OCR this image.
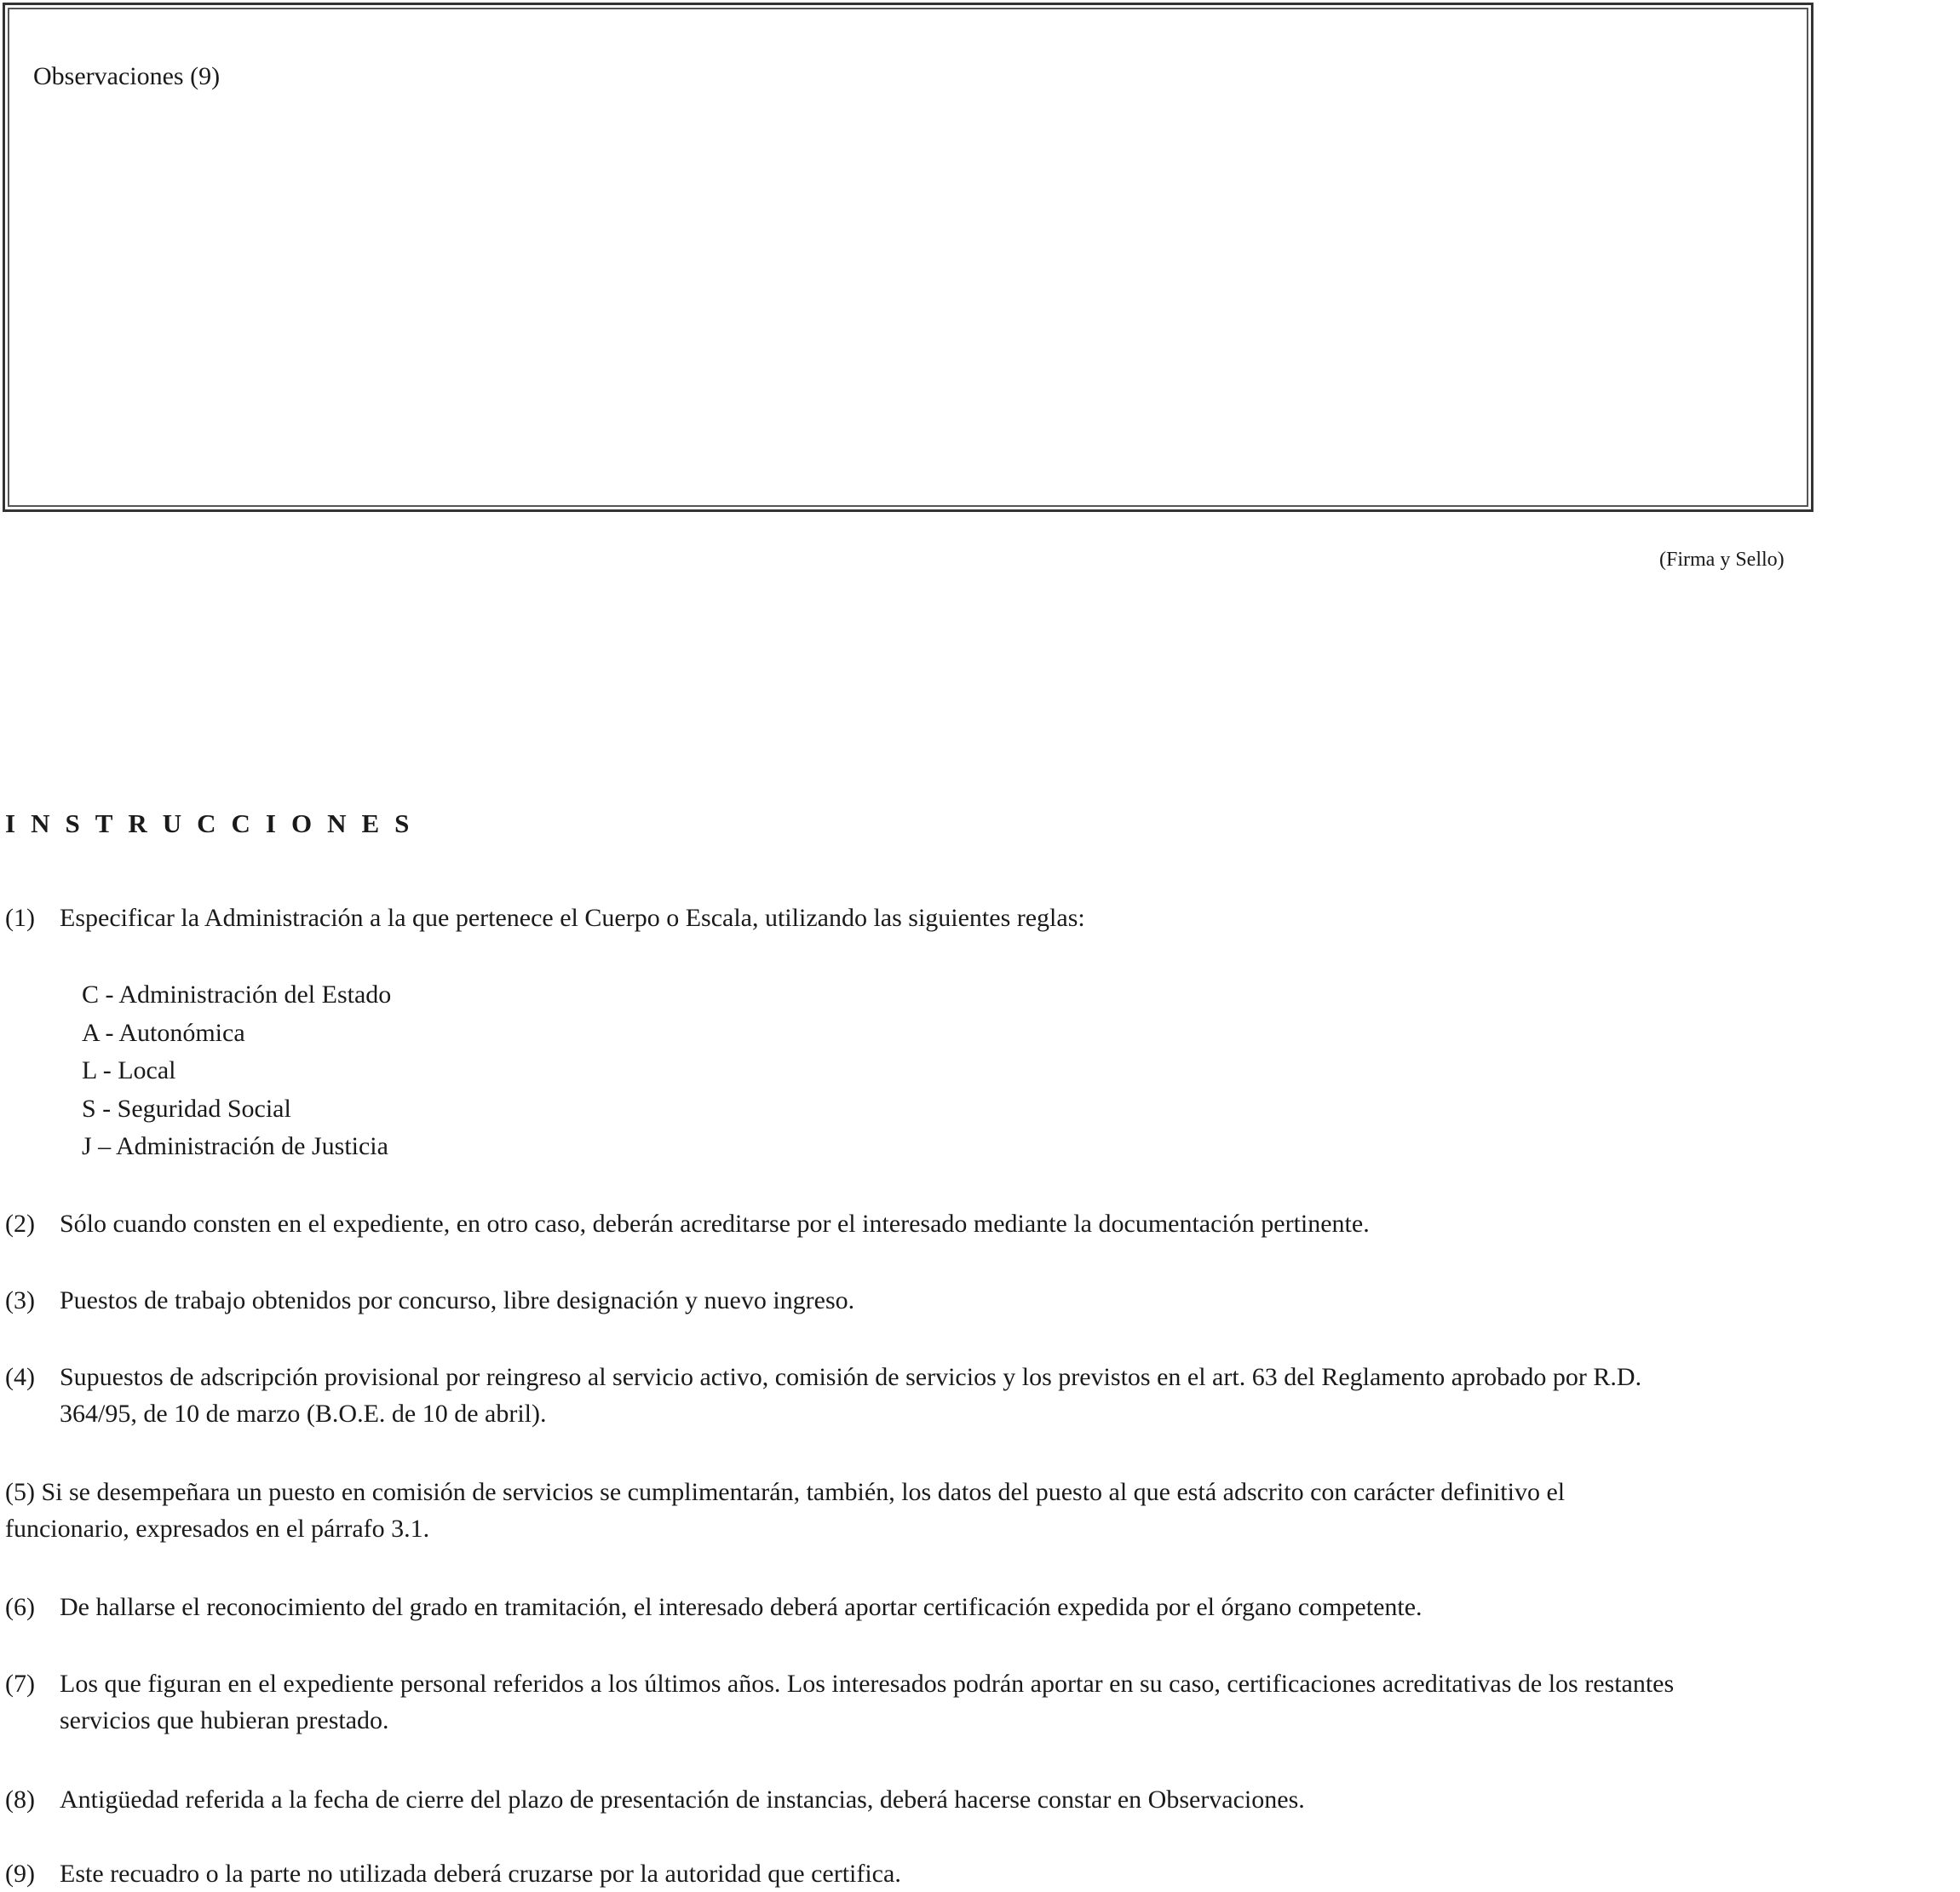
Observaciones (9)
(Firma y Sello)
INSTRUCCIONES
(1) Especificar la Administración a la que pertenece el Cuerpo o Escala, utilizando las siguientes reglas:
C - Administración del Estado
A - Autonómica
L - Local
S - Seguridad Social
J – Administración de Justicia
(2) Sólo cuando consten en el expediente, en otro caso, deberán acreditarse por el interesado mediante la documentación pertinente.
(3) Puestos de trabajo obtenidos por concurso, libre designación y nuevo ingreso.
(4) Supuestos de adscripción provisional por reingreso al servicio activo, comisión de servicios y los previstos en el art. 63 del Reglamento aprobado por R.D.
364/95, de 10 de marzo (B.O.E. de 10 de abril).
(5) Si se desempeñara un puesto en comisión de servicios se cumplimentarán, también, los datos del puesto al que está adscrito con carácter definitivo el
funcionario, expresados en el párrafo 3.1.
(6) De hallarse el reconocimiento del grado en tramitación, el interesado deberá aportar certificación expedida por el órgano competente.
(7) Los que figuran en el expediente personal referidos a los últimos años. Los interesados podrán aportar en su caso, certificaciones acreditativas de los restantes
servicios que hubieran prestado.
(8) Antigüedad referida a la fecha de cierre del plazo de presentación de instancias, deberá hacerse constar en Observaciones.
(9) Este recuadro o la parte no utilizada deberá cruzarse por la autoridad que certifica.
